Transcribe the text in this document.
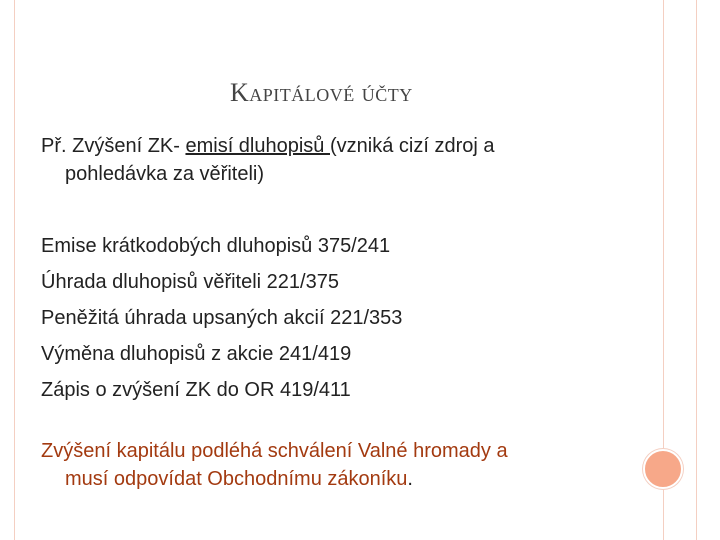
Kapitálové účty

Př. Zvýšení ZK- emisí dluhopisů (vzniká cizí zdroj a
pohledávka za věřiteli)

Emise krátkodobých dluhopisů 375/241
Úhrada dluhopisů věřiteli 221/375
Peněžitá úhrada upsaných akcií 221/353
Výměna dluhopisů z akcie 241/419
Zápis o zvýšení ZK do OR 419/411

Zvýšení kapitálu podléhá schválení Valné hromady a
musí odpovídat Obchodnímu zákoníku.
